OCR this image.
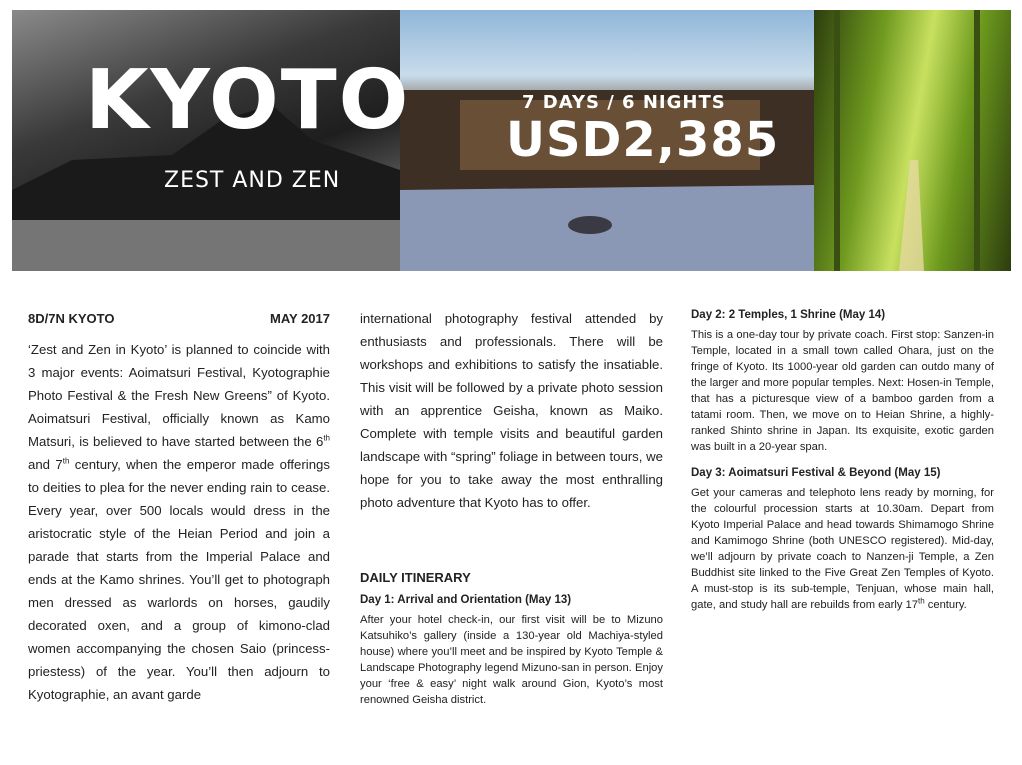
KYOTO
ZEST AND ZEN
7 DAYS / 6 NIGHTS
USD2,385
8D/7N KYOTO	MAY 2017

‘Zest and Zen in Kyoto’ is planned to coincide with 3 major events: Aoimatsuri Festival, Kyotographie Photo Festival & the Fresh New Greens” of Kyoto. Aoimatsuri Festival, officially known as Kamo Matsuri, is believed to have started between the 6th and 7th century, when the emperor made offerings to deities to plea for the never ending rain to cease. Every year, over 500 locals would dress in the aristocratic style of the Heian Period and join a parade that starts from the Imperial Palace and ends at the Kamo shrines. You’ll get to photograph men dressed as warlords on horses, gaudily decorated oxen, and a group of kimono-clad women accompanying the chosen Saio (princess-priestess) of the year. You’ll then adjourn to Kyotographie, an avant garde

international photography festival attended by enthusiasts and professionals. There will be workshops and exhibitions to satisfy the insatiable. This visit will be followed by a private photo session with an apprentice Geisha, known as Maiko. Complete with temple visits and beautiful garden landscape with “spring” foliage in between tours, we hope for you to take away the most enthralling photo adventure that Kyoto has to offer.

DAILY ITINERARY
Day 1: Arrival and Orientation (May 13)

After your hotel check-in, our first visit will be to Mizuno Katsuhiko’s gallery (inside a 130-year old Machiya-styled house) where you’ll meet and be inspired by Kyoto Temple & Landscape Photography legend Mizuno-san in person. Enjoy your ‘free & easy’ night walk around Gion, Kyoto’s most renowned Geisha district.

Day 2: 2 Temples, 1 Shrine (May 14)

This is a one-day tour by private coach. First stop: Sanzen-in Temple, located in a small town called Ohara, just on the fringe of Kyoto. Its 1000-year old garden can outdo many of the larger and more popular temples. Next: Hosen-in Temple, that has a picturesque view of a bamboo garden from a tatami room. Then, we move on to Heian Shrine, a highly-ranked Shinto shrine in Japan. Its exquisite, exotic garden was built in a 20-year span.

Day 3: Aoimatsuri Festival & Beyond (May 15)

Get your cameras and telephoto lens ready by morning, for the colourful procession starts at 10.30am. Depart from Kyoto Imperial Palace and head towards Shimamogo Shrine and Kamimogo Shrine (both UNESCO registered). Mid-day, we’ll adjourn by private coach to Nanzen-ji Temple, a Zen Buddhist site linked to the Five Great Zen Temples of Kyoto. A must-stop is its sub-temple, Tenjuan, whose main hall, gate, and study hall are rebuilds from early 17th century.
